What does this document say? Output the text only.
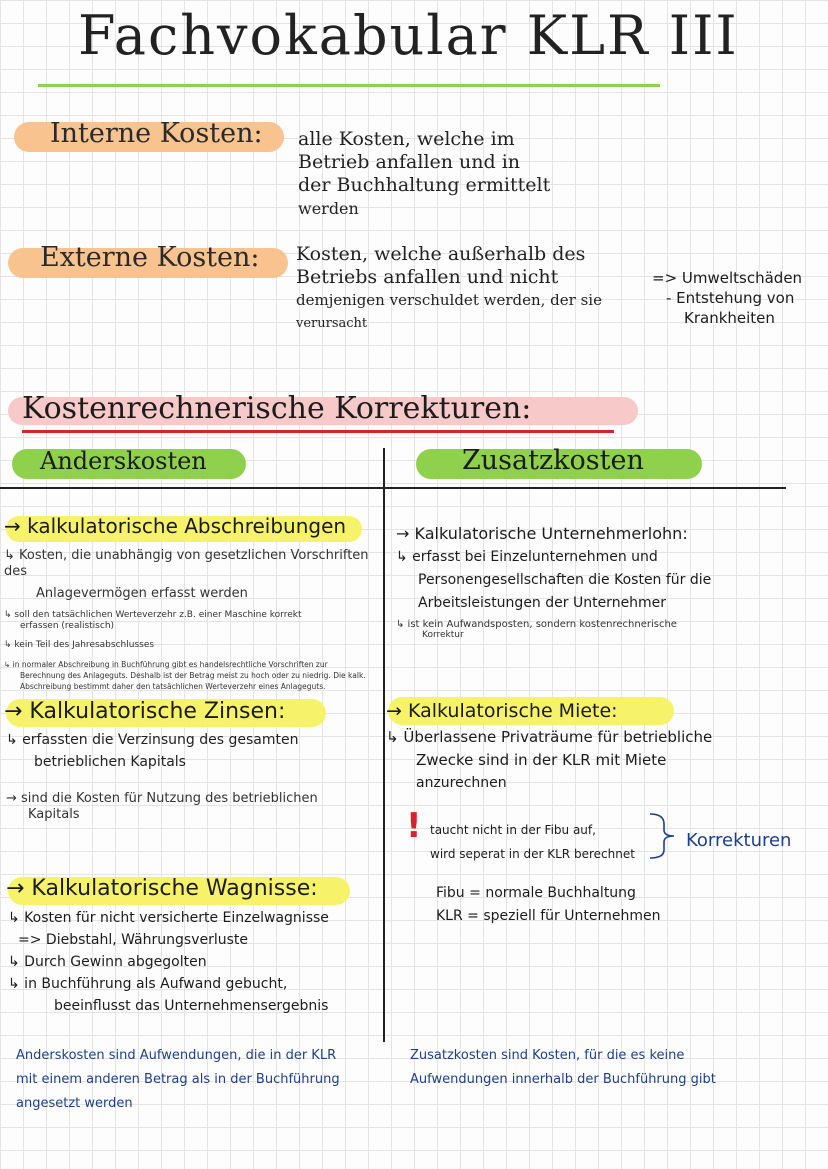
Fachvokabular KLR III
Interne Kosten: alle Kosten, welche im
Betrieb anfallen und in
der Buchhaltung ermittelt
werden
Externe Kosten: Kosten, welche außerhalb des
Betriebs anfallen und nicht
demjenigen verschuldet werden, der sie
verursacht
=> Umweltschäden
- Entstehung von
Krankheiten
Kostenrechnerische Korrekturen:
Anderskosten	Zusatzkosten
→ kalkulatorische Abschreibungen
↳ Kosten, die unabhängig von gesetzlichen Vorschriften des
Anlagevermögen erfasst werden
↳ soll den tatsächlichen Werteverzehr z.B. einer Maschine korrekt
erfassen (realistisch)
↳ kein Teil des Jahresabschlusses
↳ in normaler Abschreibung in Buchführung gibt es handelsrechtliche Vorschriften zur
Berechnung des Anlageguts. Deshalb ist der Betrag meist zu hoch oder zu niedrig. Die kalk.
Abschreibung bestimmt daher den tatsächlichen Werteverzehr eines Anlageguts.
→ Kalkulatorische Zinsen:
↳ erfassten die Verzinsung des gesamten
betrieblichen Kapitals
→ sind die Kosten für Nutzung des betrieblichen
Kapitals
→ Kalkulatorische Wagnisse:
↳ Kosten für nicht versicherte Einzelwagnisse
=> Diebstahl, Währungsverluste
↳ Durch Gewinn abgegolten
↳ in Buchführung als Aufwand gebucht,
beeinflusst das Unternehmensergebnis
Anderskosten sind Aufwendungen, die in der KLR
mit einem anderen Betrag als in der Buchführung
angesetzt werden
→ Kalkulatorische Unternehmerlohn:
↳ erfasst bei Einzelunternehmen und
Personengesellschaften die Kosten für die
Arbeitsleistungen der Unternehmer
↳ ist kein Aufwandsposten, sondern kostenrechnerische
Korrektur
→ Kalkulatorische Miete:
↳ Überlassene Privaträume für betriebliche
Zwecke sind in der KLR mit Miete
anzurechnen
! taucht nicht in der Fibu auf,
wird seperat in der KLR berechnet
Korrekturen
Fibu = normale Buchhaltung
KLR = speziell für Unternehmen
Zusatzkosten sind Kosten, für die es keine
Aufwendungen innerhalb der Buchführung gibt
